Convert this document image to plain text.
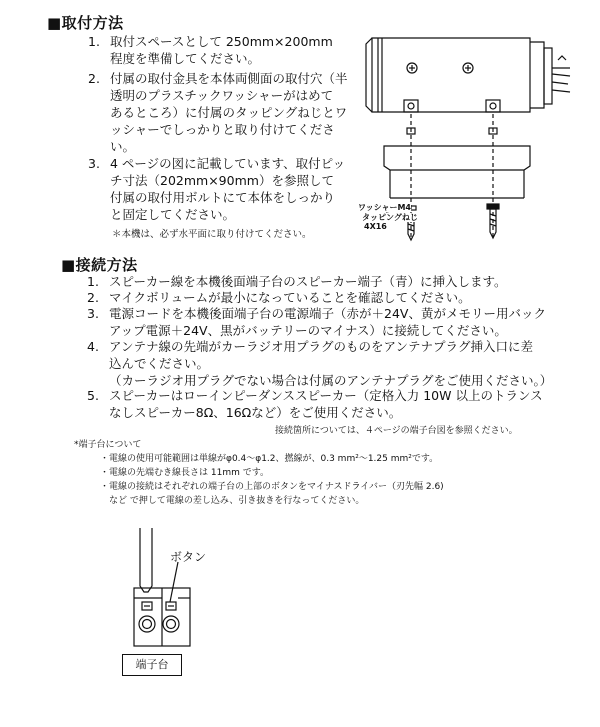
■取付方法
1. 取付スペースとして 250mm×200mm
程度を準備してください。
2. 付属の取付金具を本体両側面の取付穴（半
透明のプラスチックワッシャーがはめて
あるところ）に付属のタッピングねじとワ
ッシャーでしっかりと取り付けてくださ
い。
3. 4 ページの図に記載しています、取付ピッ
チ寸法（202mm×90mm）を参照して
付属の取付用ボルトにて本体をしっかり
と固定してください。
＊本機は、必ず水平面に取り付けてください。
ワッシャーM4
タッピングねじ
4X16
■接続方法
1. スピーカー線を本機後面端子台のスピーカー端子（青）に挿入します。
2. マイクボリュームが最小になっていることを確認してください。
3. 電源コードを本機後面端子台の電源端子（赤が＋24V、黄がメモリー用バック
アップ電源＋24V、黒がバッテリーのマイナス）に接続してください。
4. アンテナ線の先端がカーラジオ用プラグのものをアンテナプラグ挿入口に差
込んでください。
（カーラジオ用プラグでない場合は付属のアンテナプラグをご使用ください。）
5. スピーカーはローインピーダンススピーカー（定格入力 10W 以上のトランス
なしスピーカー8Ω、16Ωなど）をご使用ください。
接続箇所については、４ページの端子台図を参照ください。
*端子台について
・電線の使用可能範囲は単線がφ0.4～φ1.2、撚線が、0.3 mm²～1.25 mm²です。
・電線の先端むき線長さは 11mm です。
・電線の接続はそれぞれの端子台の上部のボタンをマイナスドライバー（刃先幅 2.6)
　など で押して電線の差し込み、引き抜きを行なってください。
ボタン
端子台
